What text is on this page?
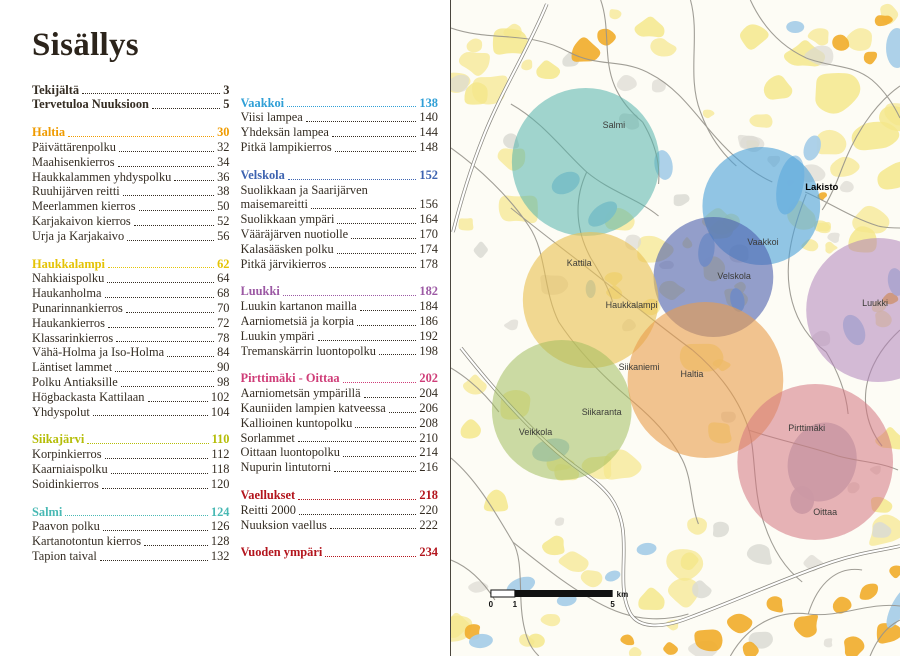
Sisällys
Tekijältä	3
Tervetuloa Nuuksioon	5
Haltia	30
Päivättärenpolku	32
Maahisenkierros	34
Haukkalammen yhdyspolku	36
Ruuhijärven reitti	38
Meerlammen kierros	50
Karjakaivon kierros	52
Urja ja Karjakaivo	56
Haukkalampi	62
Nahkiaispolku	64
Haukanholma	68
Punarinnankierros	70
Haukankierros	72
Klassarinkierros	78
Vähä-Holma ja Iso-Holma	84
Läntiset lammet	90
Polku Antiaksille	98
Högbackasta Kattilaan	102
Yhdyspolut	104
Siikajärvi	110
Korpinkierros	112
Kaarniaispolku	118
Soidinkierros	120
Salmi	124
Paavon polku	126
Kartanotontun kierros	128
Tapion taival	132
Vaakkoi	138
Viisi lampea	140
Yhdeksän lampea	144
Pitkä lampikierros	148
Velskola	152
Suolikkaan ja Saarijärven
maisemareitti	156
Suolikkaan ympäri	164
Vääräjärven nuotiolle	170
Kalasääsken polku	174
Pitkä järvikierros	178
Luukki	182
Luukin kartanon mailla	184
Aarniometsiä ja korpia	186
Luukin ympäri	192
Tremanskärrin luontopolku	198
Pirttimäki - Oittaa	202
Aarniometsän ympärillä	204
Kauniiden lampien katveessa	206
Kallioinen kuntopolku	208
Sorlammet	210
Oittaan luontopolku	214
Nupurin lintutorni	216
Vaellukset	218
Reitti 2000	220
Nuuksion vaellus	222
Vuoden ympäri	234
Salmi
Vaakkoi
Velskola
Luukki
Haukkalampi
Haltia
Pirttimäki
Lakisto
Kattila
Siikaniemi
Siikaranta
Veikkola
Oittaa
0 1	5
km
